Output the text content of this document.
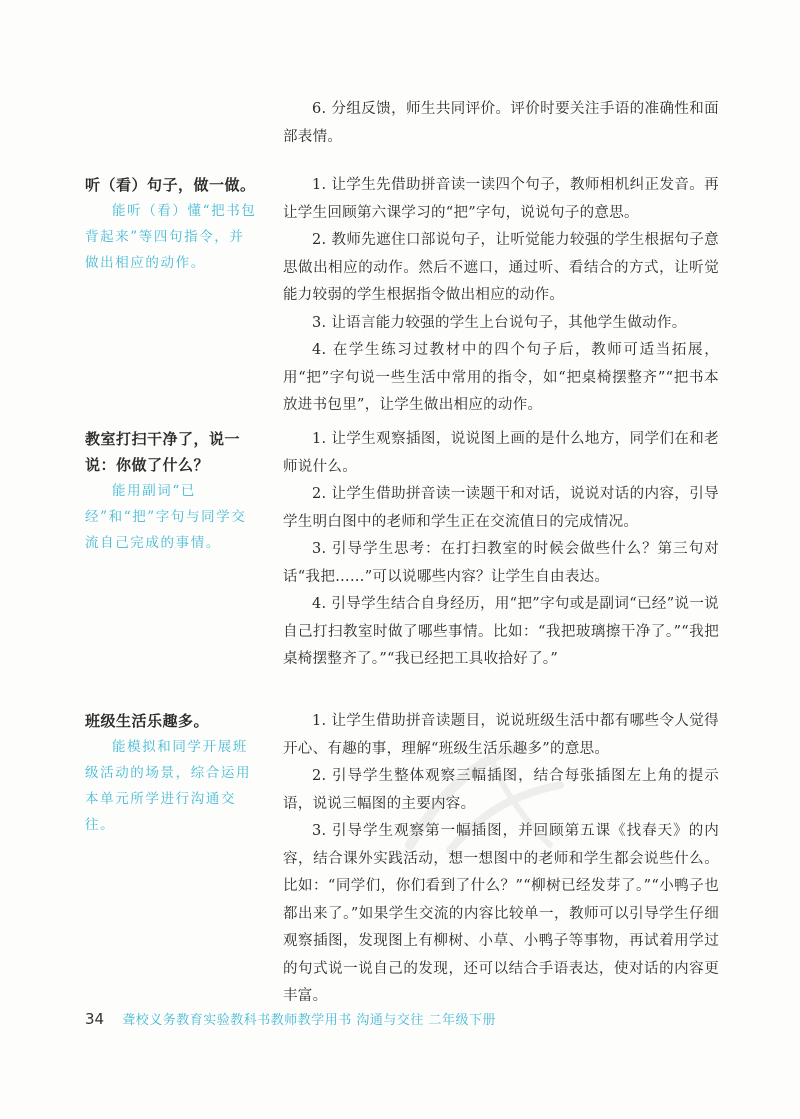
6. 分组反馈，师生共同评价。评价时要关注手语的准确性和面部表情。

听（看）句子，做一做。

能听（看）懂“把书包背起来”等四句指令，并做出相应的动作。

1. 让学生先借助拼音读一读四个句子，教师相机纠正发音。再让学生回顾第六课学习的“把”字句，说说句子的意思。

2. 教师先遮住口部说句子，让听觉能力较强的学生根据句子意思做出相应的动作。然后不遮口，通过听、看结合的方式，让听觉能力较弱的学生根据指令做出相应的动作。

3. 让语言能力较强的学生上台说句子，其他学生做动作。

4. 在学生练习过教材中的四个句子后，教师可适当拓展，用“把”字句说一些生活中常用的指令，如“把桌椅摆整齐”“把书本放进书包里”，让学生做出相应的动作。

教室打扫干净了，说一说：你做了什么？

能用副词“已经”和“把”字句与同学交流自己完成的事情。

1. 让学生观察插图，说说图上画的是什么地方，同学们在和老师说什么。

2. 让学生借助拼音读一读题干和对话，说说对话的内容，引导学生明白图中的老师和学生正在交流值日的完成情况。

3. 引导学生思考：在打扫教室的时候会做些什么？第三句对话“我把……”可以说哪些内容？让学生自由表达。

4. 引导学生结合自身经历，用“把”字句或是副词“已经”说一说自己打扫教室时做了哪些事情。比如：“我把玻璃擦干净了。”“我把桌椅摆整齐了。”“我已经把工具收拾好了。”

班级生活乐趣多。

能模拟和同学开展班级活动的场景，综合运用本单元所学进行沟通交往。

1. 让学生借助拼音读题目，说说班级生活中都有哪些令人觉得开心、有趣的事，理解“班级生活乐趣多”的意思。

2. 引导学生整体观察三幅插图，结合每张插图左上角的提示语，说说三幅图的主要内容。

3. 引导学生观察第一幅插图，并回顾第五课《找春天》的内容，结合课外实践活动，想一想图中的老师和学生都会说些什么。比如：“同学们，你们看到了什么？”“柳树已经发芽了。”“小鸭子也都出来了。”如果学生交流的内容比较单一，教师可以引导学生仔细观察插图，发现图上有柳树、小草、小鸭子等事物，再试着用学过的句式说一说自己的发现，还可以结合手语表达，使对话的内容更丰富。

34 聋校义务教育实验教科书教师教学用书 沟通与交往 二年级下册
